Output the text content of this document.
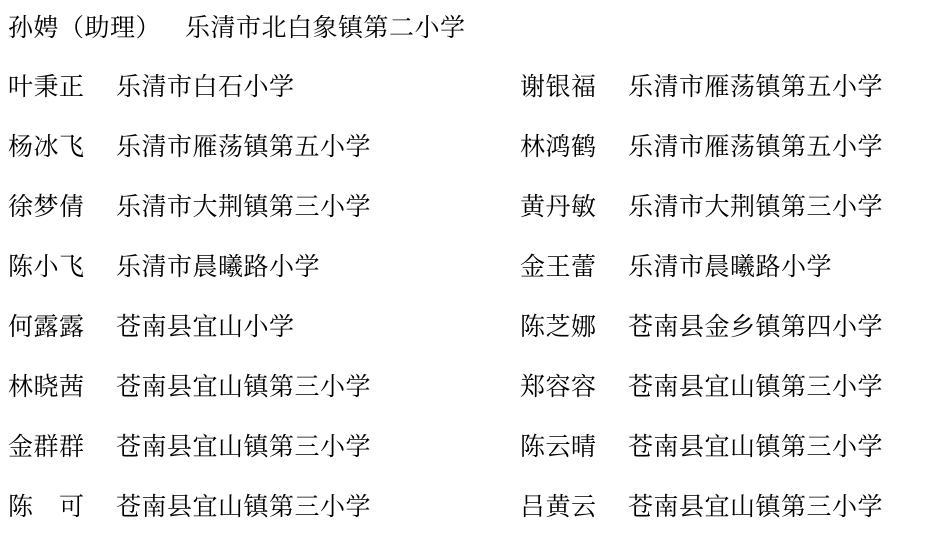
孙娉（助理） 乐清市北白象镇第二小学
叶秉正	乐清市白石小学	谢银福	乐清市雁荡镇第五小学
杨冰飞	乐清市雁荡镇第五小学	林鸿鹤	乐清市雁荡镇第五小学
徐梦倩	乐清市大荆镇第三小学	黄丹敏	乐清市大荆镇第三小学
陈小飞	乐清市晨曦路小学	金王蕾	乐清市晨曦路小学
何露露	苍南县宜山小学	陈芝娜	苍南县金乡镇第四小学
林晓茜	苍南县宜山镇第三小学	郑容容	苍南县宜山镇第三小学
金群群	苍南县宜山镇第三小学	陈云晴	苍南县宜山镇第三小学
陈　可	苍南县宜山镇第三小学	吕黄云	苍南县宜山镇第三小学
